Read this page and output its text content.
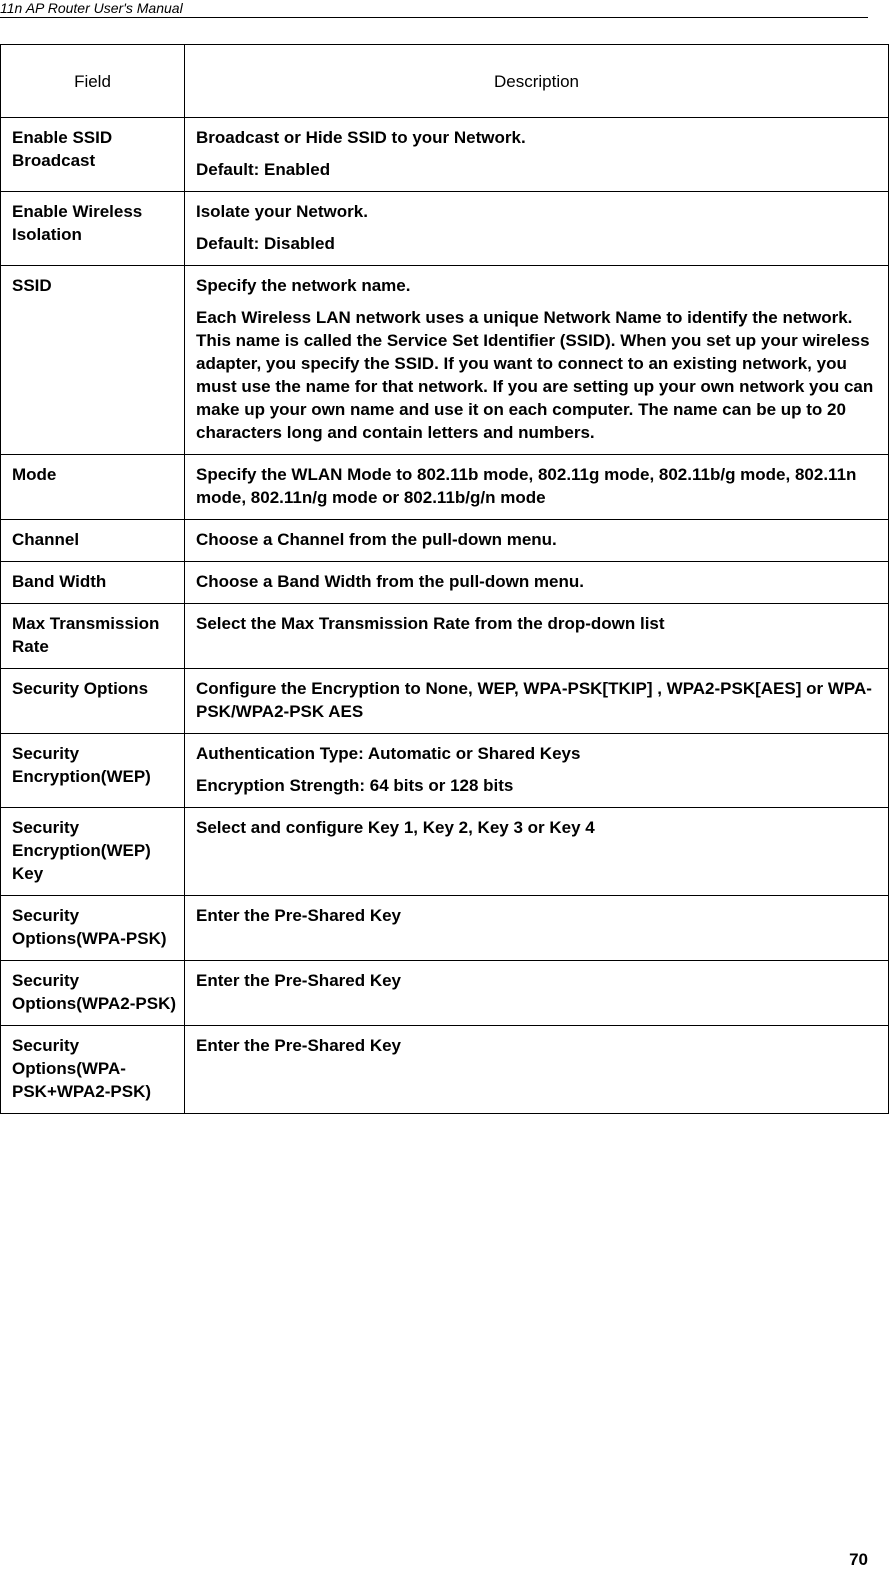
11n AP Router User's Manual
Field	Description
Enable SSID Broadcast	Broadcast or Hide SSID to your Network.

Default: Enabled

Enable Wireless Isolation	Isolate your Network.

Default: Disabled

SSID	Specify the network name.

Each Wireless LAN network uses a unique Network Name to identify the network. This name is called the Service Set Identifier (SSID). When you set up your wireless adapter, you specify the SSID. If you want to connect to an existing network, you must use the name for that network. If you are setting up your own network you can make up your own name and use it on each computer. The name can be up to 20 characters long and contain letters and numbers.

Mode	Specify the WLAN Mode to 802.11b mode, 802.11g mode, 802.11b/g mode, 802.11n mode, 802.11n/g mode or 802.11b/g/n mode

Channel	Choose a Channel from the pull-down menu.

Band Width	Choose a Band Width from the pull-down menu.

Max Transmission Rate	Select the Max Transmission Rate from the drop-down list

Security Options	Configure the Encryption to None, WEP, WPA-PSK[TKIP] , WPA2-PSK[AES] or WPA-PSK/WPA2-PSK AES

Security Encryption(WEP)	Authentication Type: Automatic or Shared Keys

Encryption Strength: 64 bits or 128 bits

Security Encryption(WEP) Key	Select and configure Key 1, Key 2, Key 3 or Key 4

Security Options(WPA-PSK)	Enter the Pre-Shared Key

Security Options(WPA2-PSK)	Enter the Pre-Shared Key

Security Options(WPA-PSK+WPA2-PSK)	Enter the Pre-Shared Key

70
